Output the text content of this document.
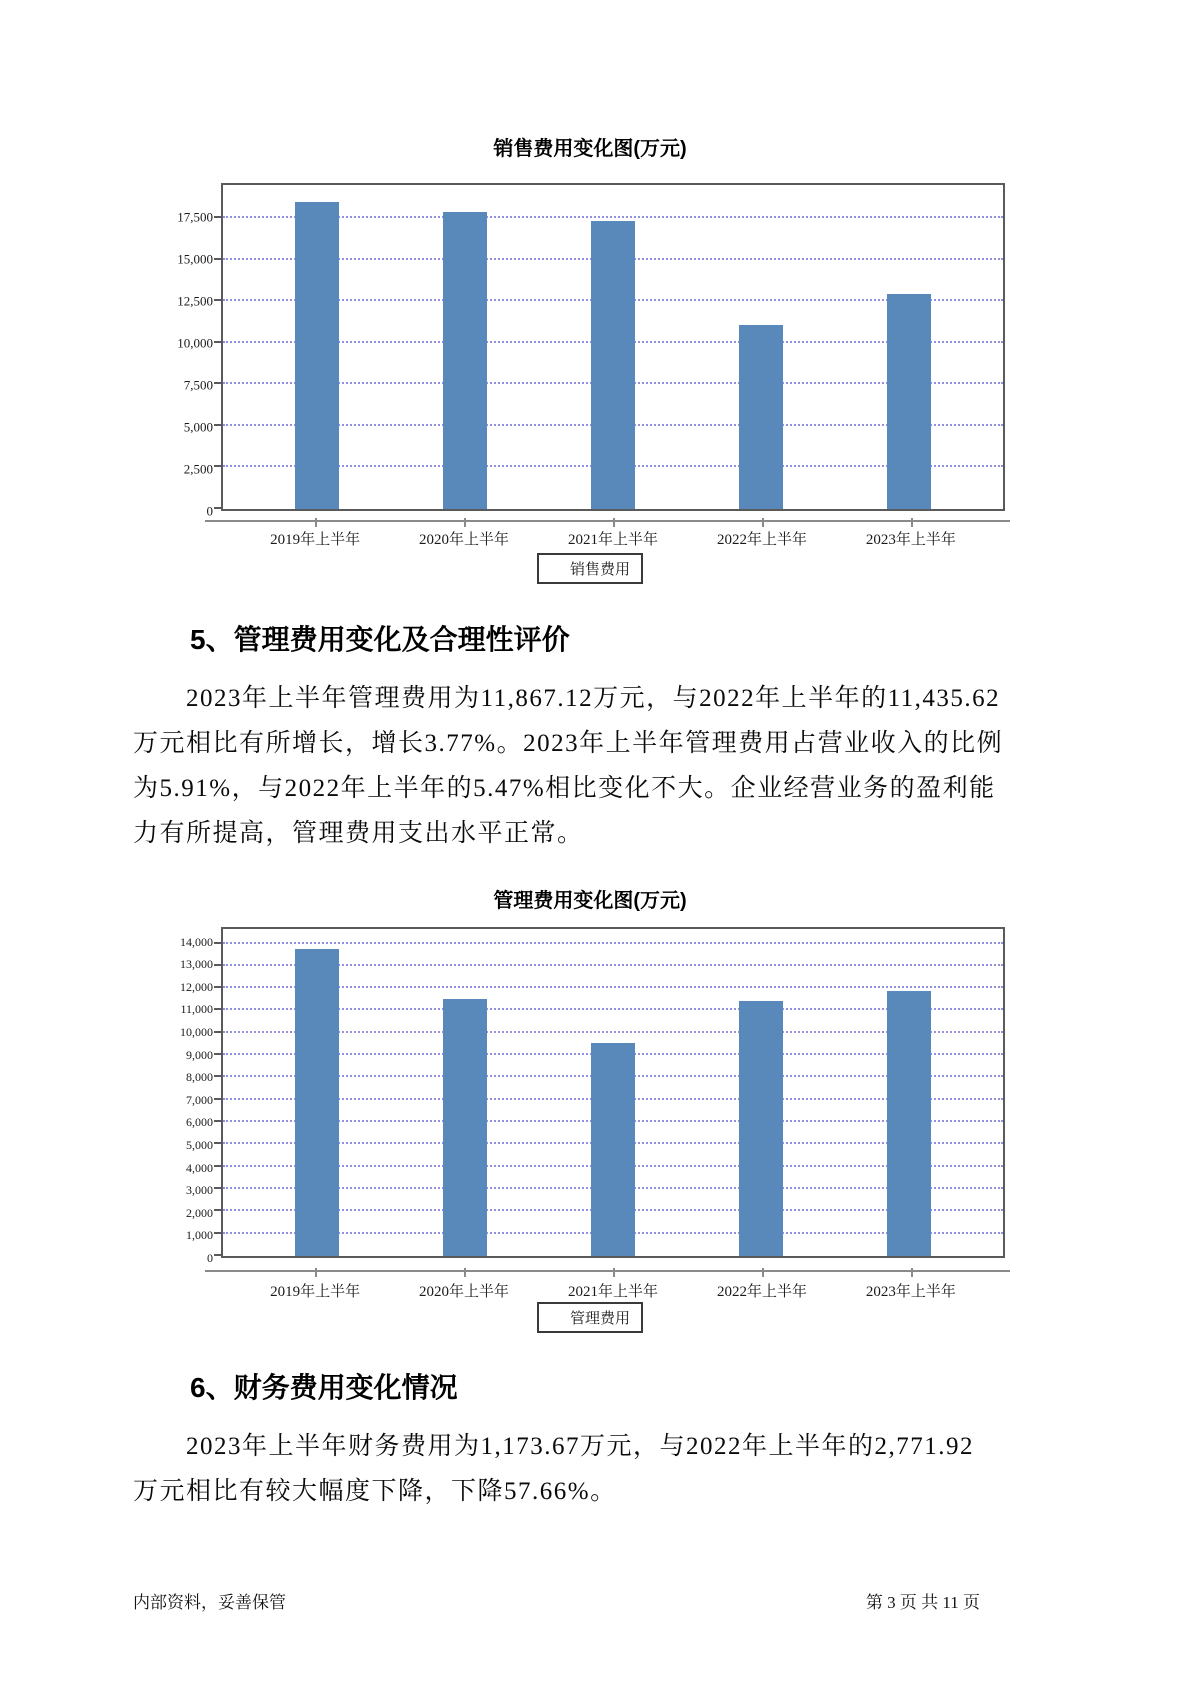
销售费用变化图(万元)
0
2,500
5,000
7,500
10,000
12,500
15,000
17,500
2019年上半年	2020年上半年	2021年上半年	2022年上半年	2023年上半年
销售费用
5、管理费用变化及合理性评价
2023年上半年管理费用为11,867.12万元，与2022年上半年的11,435.62
万元相比有所增长，增长3.77%。2023年上半年管理费用占营业收入的比例
为5.91%，与2022年上半年的5.47%相比变化不大。企业经营业务的盈利能
力有所提高，管理费用支出水平正常。
管理费用变化图(万元)
0
1,000
2,000
3,000
4,000
5,000
6,000
7,000
8,000
9,000
10,000
11,000
12,000
13,000
14,000
2019年上半年	2020年上半年	2021年上半年	2022年上半年	2023年上半年
管理费用
6、财务费用变化情况
2023年上半年财务费用为1,173.67万元，与2022年上半年的2,771.92
万元相比有较大幅度下降，下降57.66%。
内部资料，妥善保管	第 3 页 共 11 页
